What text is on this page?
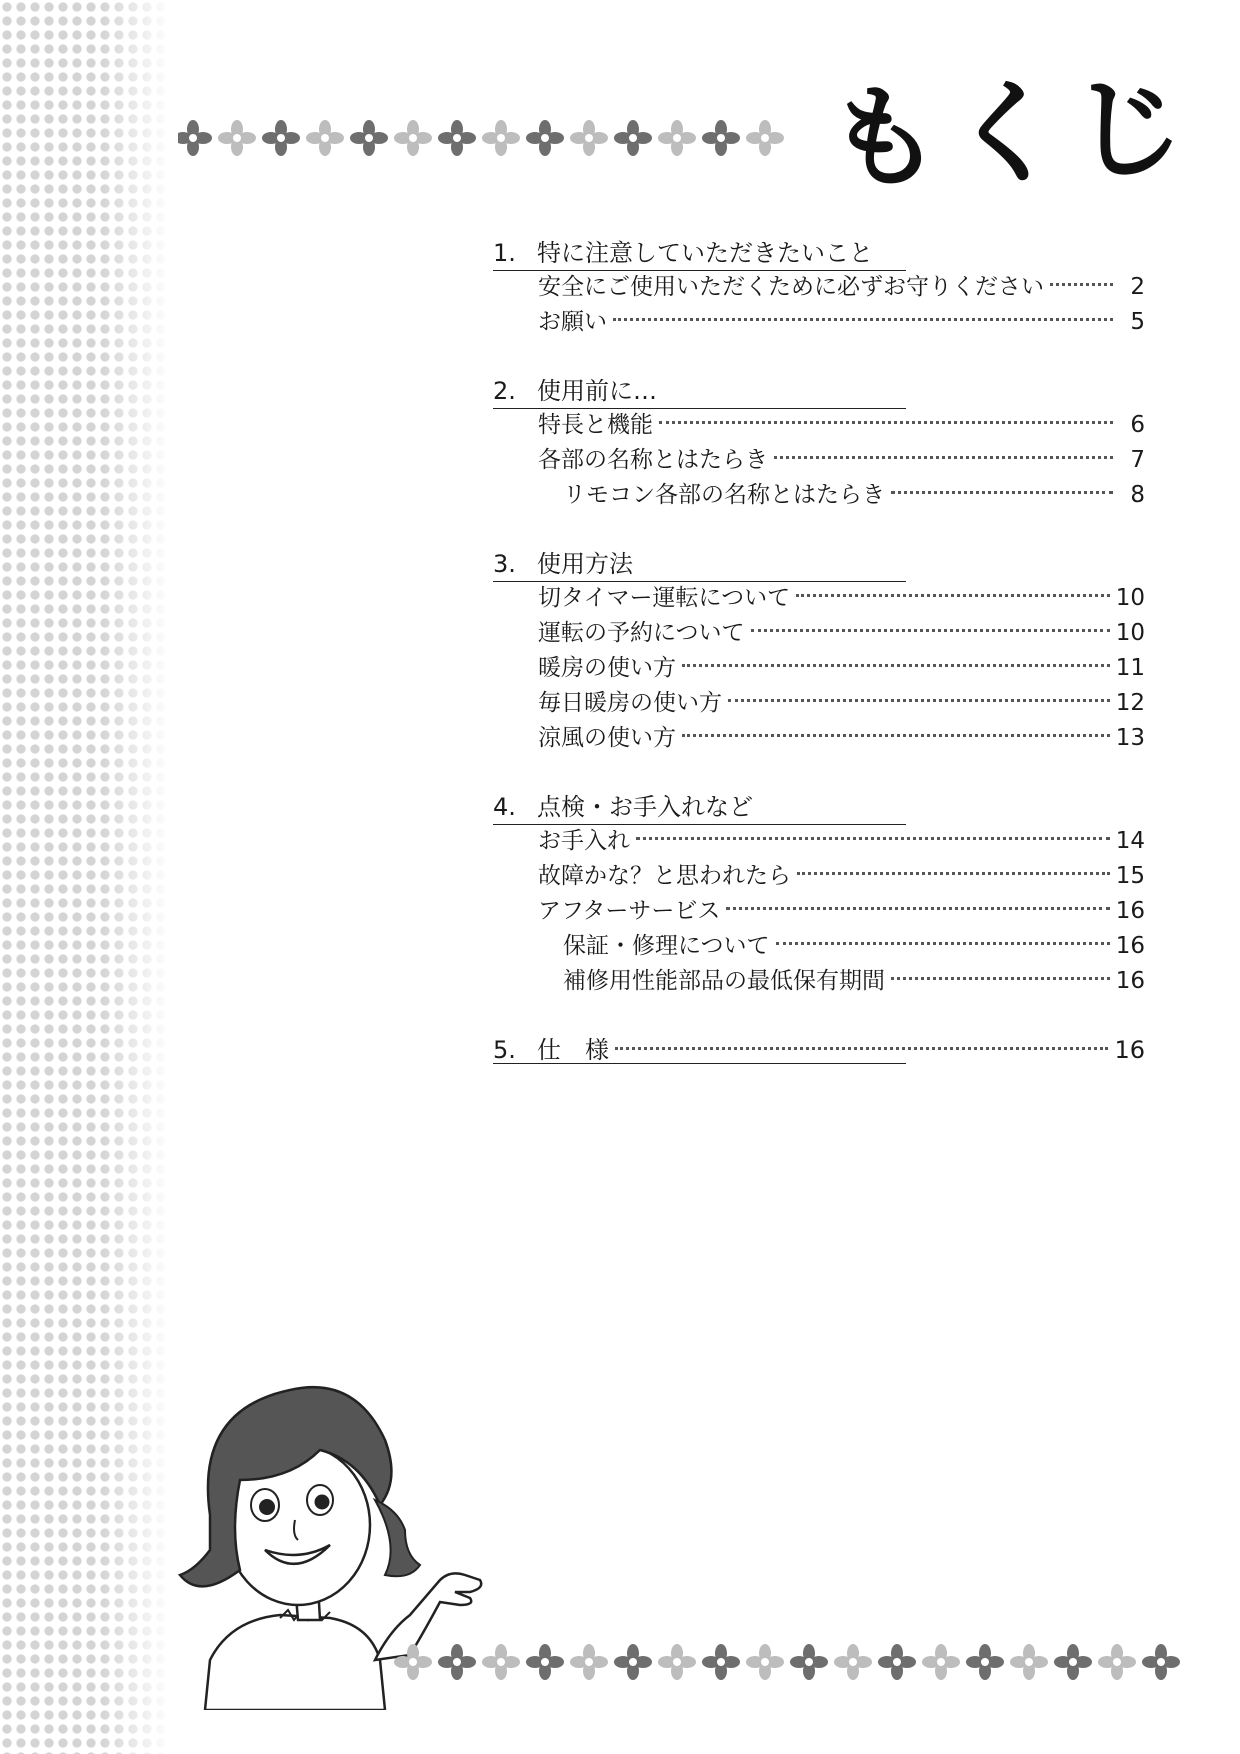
もくじ
1. 特に注意していただきたいこと
安全にご使用いただくために必ずお守りください	2
お願い	5
2. 使用前に…
特長と機能	6
各部の名称とはたらき	7
リモコン各部の名称とはたらき	8
3. 使用方法
切タイマー運転について	10
運転の予約について	10
暖房の使い方	11
毎日暖房の使い方	12
涼風の使い方	13
4. 点検・お手入れなど
お手入れ	14
故障かな？と思われたら	15
アフターサービス	16
保証・修理について	16
補修用性能部品の最低保有期間	16
5. 仕　様	16
